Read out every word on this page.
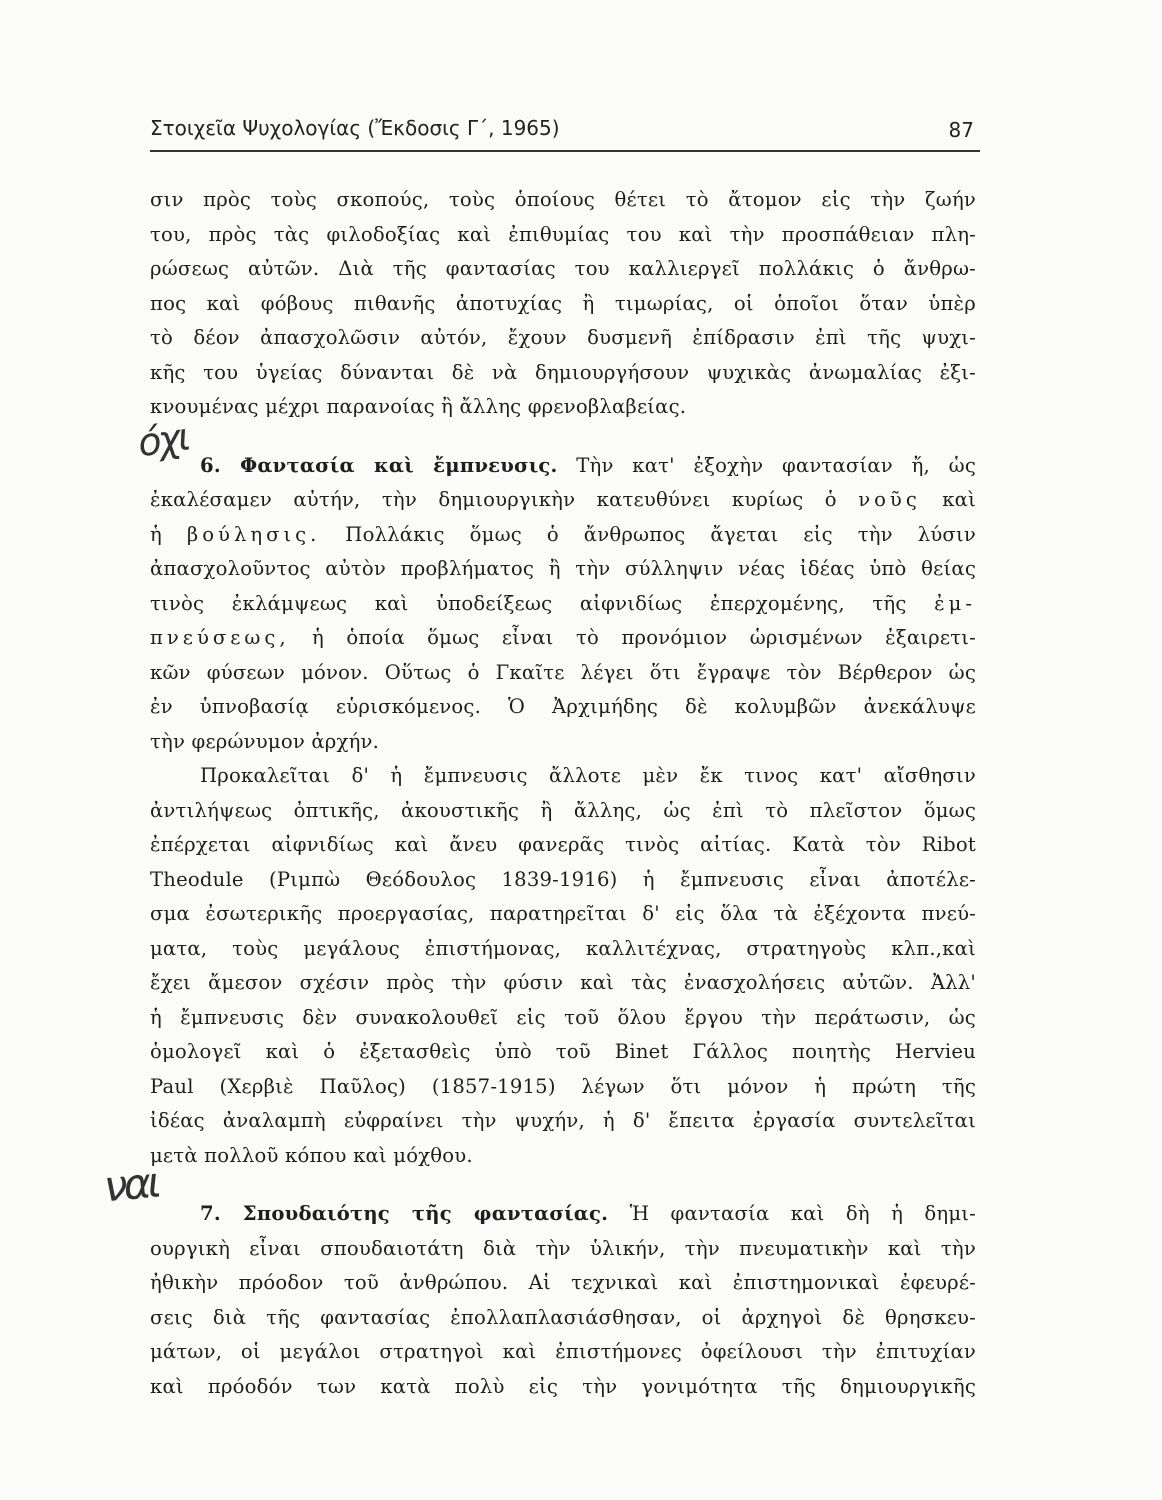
Στοιχεῖα Ψυχολογίας (Ἔκδοσις Γ΄, 1965)	87
όχι
ναι
σιν πρὸς τοὺς σκοπούς, τοὺς ὁποίους θέτει τὸ ἄτομον εἰς τὴν ζωήν
του, πρὸς τὰς φιλοδοξίας καὶ ἐπιθυμίας του καὶ τὴν προσπάθειαν πλη-
ρώσεως αὐτῶν. Διὰ τῆς φαντασίας του καλλιεργεῖ πολλάκις ὁ ἄνθρω-
πος καὶ φόβους πιθανῆς ἀποτυχίας ἢ τιμωρίας, οἱ ὁποῖοι ὅταν ὑπὲρ
τὸ δέον ἀπασχολῶσιν αὐτόν, ἔχουν δυσμενῆ ἐπίδρασιν ἐπὶ τῆς ψυχι-
κῆς του ὑγείας δύνανται δὲ νὰ δημιουργήσουν ψυχικὰς ἀνωμαλίας ἐξι-
κνουμένας μέχρι παρανοίας ἢ ἄλλης φρενοβλαβείας.
6. Φαντασία καὶ ἔμπνευσις. Τὴν κατ' ἐξοχὴν φαντασίαν ἤ, ὡς
ἐκαλέσαμεν αὐτήν, τὴν δημιουργικὴν κατευθύνει κυρίως ὁ νοῦς καὶ
ἡ βούλησις. Πολλάκις ὅμως ὁ ἄνθρωπος ἄγεται εἰς τὴν λύσιν
ἀπασχολοῦντος αὐτὸν προβλήματος ἢ τὴν σύλληψιν νέας ἰδέας ὑπὸ θείας
τινὸς ἐκλάμψεως καὶ ὑποδείξεως αἰφνιδίως ἐπερχομένης, τῆς ἐμ-
πνεύσεως, ἡ ὁποία ὅμως εἶναι τὸ προνόμιον ὡρισμένων ἐξαιρετι-
κῶν φύσεων μόνον. Οὕτως ὁ Γκαῖτε λέγει ὅτι ἔγραψε τὸν Βέρθερον ὡς
ἐν ὑπνοβασίᾳ εὑρισκόμενος. Ὁ Ἀρχιμήδης δὲ κολυμβῶν ἀνεκάλυψε
τὴν φερώνυμον ἀρχήν.
Προκαλεῖται δ' ἡ ἔμπνευσις ἄλλοτε μὲν ἔκ τινος κατ' αἴσθησιν
ἀντιλήψεως ὀπτικῆς, ἀκουστικῆς ἢ ἄλλης, ὡς ἐπὶ τὸ πλεῖστον ὅμως
ἐπέρχεται αἰφνιδίως καὶ ἄνευ φανερᾶς τινὸς αἰτίας. Κατὰ τὸν Ribot
Theodule (Ριμπὼ Θεόδουλος 1839-1916) ἡ ἔμπνευσις εἶναι ἀποτέλε-
σμα ἐσωτερικῆς προεργασίας, παρατηρεῖται δ' εἰς ὅλα τὰ ἐξέχοντα πνεύ-
ματα, τοὺς μεγάλους ἐπιστήμονας, καλλιτέχνας, στρατηγοὺς κλπ.,καὶ
ἔχει ἄμεσον σχέσιν πρὸς τὴν φύσιν καὶ τὰς ἐνασχολήσεις αὐτῶν. Ἀλλ'
ἡ ἔμπνευσις δὲν συνακολουθεῖ εἰς τοῦ ὅλου ἔργου τὴν περάτωσιν, ὡς
ὁμολογεῖ καὶ ὁ ἐξετασθεὶς ὑπὸ τοῦ Binet Γάλλος ποιητὴς Hervieu
Paul (Χερβιὲ Παῦλος) (1857-1915) λέγων ὅτι μόνον ἡ πρώτη τῆς
ἰδέας ἀναλαμπὴ εὐφραίνει τὴν ψυχήν, ἡ δ' ἔπειτα ἐργασία συντελεῖται
μετὰ πολλοῦ κόπου καὶ μόχθου.
7. Σπουδαιότης τῆς φαντασίας. Ἡ φαντασία καὶ δὴ ἡ δημι-
ουργικὴ εἶναι σπουδαιοτάτη διὰ τὴν ὑλικήν, τὴν πνευματικὴν καὶ τὴν
ἠθικὴν πρόοδον τοῦ ἀνθρώπου. Αἱ τεχνικαὶ καὶ ἐπιστημονικαὶ ἐφευρέ-
σεις διὰ τῆς φαντασίας ἐπολλαπλασιάσθησαν, οἱ ἀρχηγοὶ δὲ θρησκευ-
μάτων, οἱ μεγάλοι στρατηγοὶ καὶ ἐπιστήμονες ὀφείλουσι τὴν ἐπιτυχίαν
καὶ πρόοδόν των κατὰ πολὺ εἰς τὴν γονιμότητα τῆς δημιουργικῆς
